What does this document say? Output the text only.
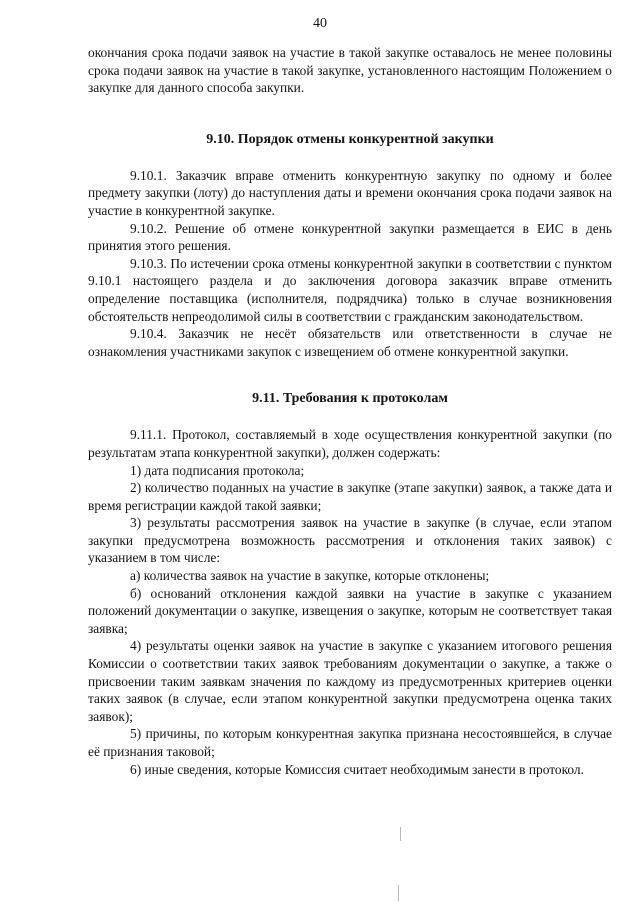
40

окончания срока подачи заявок на участие в такой закупке оставалось не менее половины срока подачи заявок на участие в такой закупке, установленного настоящим Положением о закупке для данного способа закупки.

9.10. Порядок отмены конкурентной закупки

9.10.1. Заказчик вправе отменить конкурентную закупку по одному и более предмету закупки (лоту) до наступления даты и времени окончания срока подачи заявок на участие в конкурентной закупке.

9.10.2. Решение об отмене конкурентной закупки размещается в ЕИС в день принятия этого решения.

9.10.3. По истечении срока отмены конкурентной закупки в соответствии с пунктом 9.10.1 настоящего раздела и до заключения договора заказчик вправе отменить определение поставщика (исполнителя, подрядчика) только в случае возникновения обстоятельств непреодолимой силы в соответствии с гражданским законодательством.

9.10.4. Заказчик не несёт обязательств или ответственности в случае не ознакомления участниками закупок с извещением об отмене конкурентной закупки.

9.11. Требования к протоколам

9.11.1. Протокол, составляемый в ходе осуществления конкурентной закупки (по результатам этапа конкурентной закупки), должен содержать:

1) дата подписания протокола;

2) количество поданных на участие в закупке (этапе закупки) заявок, а также дата и время регистрации каждой такой заявки;

3) результаты рассмотрения заявок на участие в закупке (в случае, если этапом закупки предусмотрена возможность рассмотрения и отклонения таких заявок) с указанием в том числе:

а) количества заявок на участие в закупке, которые отклонены;

б) оснований отклонения каждой заявки на участие в закупке с указанием положений документации о закупке, извещения о закупке, которым не соответствует такая заявка;

4) результаты оценки заявок на участие в закупке с указанием итогового решения Комиссии о соответствии таких заявок требованиям документации о закупке, а также о присвоении таким заявкам значения по каждому из предусмотренных критериев оценки таких заявок (в случае, если этапом конкурентной закупки предусмотрена оценка таких заявок);

5) причины, по которым конкурентная закупка признана несостоявшейся, в случае её признания таковой;

6) иные сведения, которые Комиссия считает необходимым занести в протокол.
